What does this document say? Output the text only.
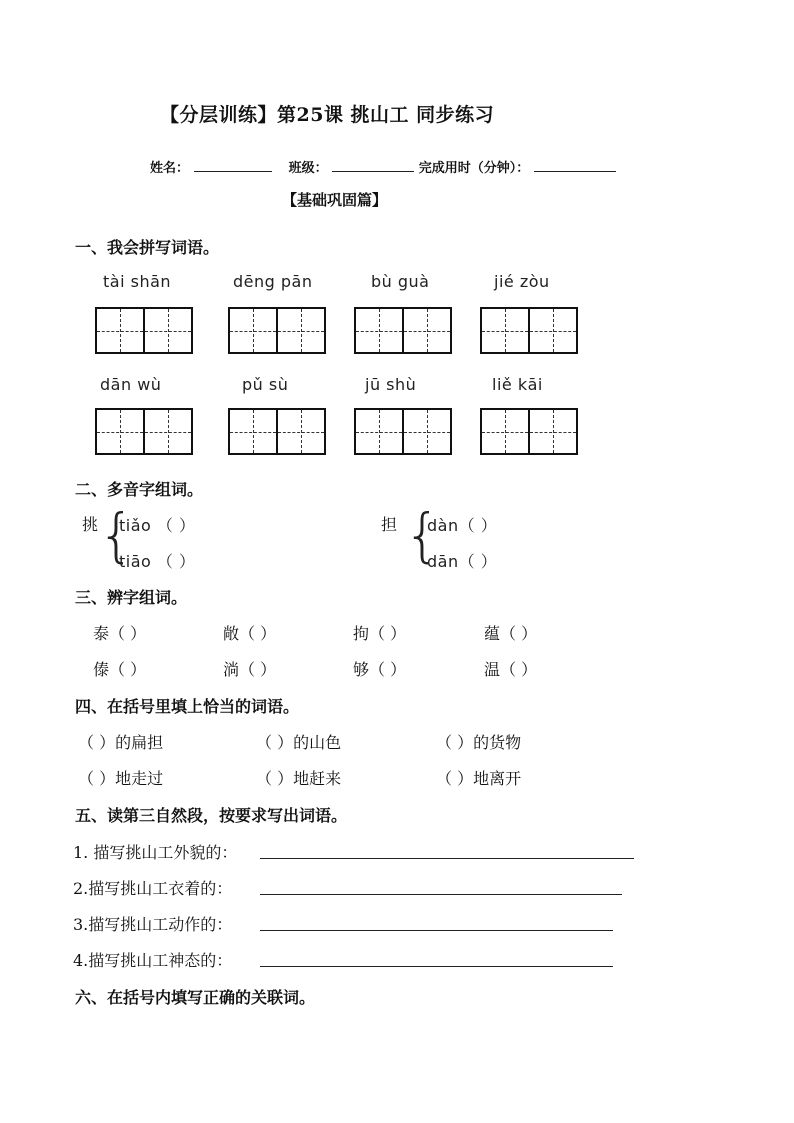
【分层训练】第25课 挑山工 同步练习
姓名：	班级：	完成用时（分钟）：
【基础巩固篇】
一、我会拼写词语。
tài shān	dēng pān	bù guà	jié zòu
dān wù	pǔ sù	jū shù	liě kāi
二、多音字组词。
挑 {
tiǎo （ ）
tiāo （ ）
担 {
dàn（ ）
dān（ ）
三、辨字组词。
泰（ ）	敞（ ）	拘（ ）	蕴（ ）
傣（ ）	淌（ ）	够（ ）	温（ ）
四、在括号里填上恰当的词语。
（ ）的扁担	（ ）的山色	（ ）的货物
（ ）地走过	（ ）地赶来	（ ）地离开
五、读第三自然段，按要求写出词语。
1. 描写挑山工外貌的：
2.描写挑山工衣着的：
3.描写挑山工动作的：
4.描写挑山工神态的：
六、在括号内填写正确的关联词。
